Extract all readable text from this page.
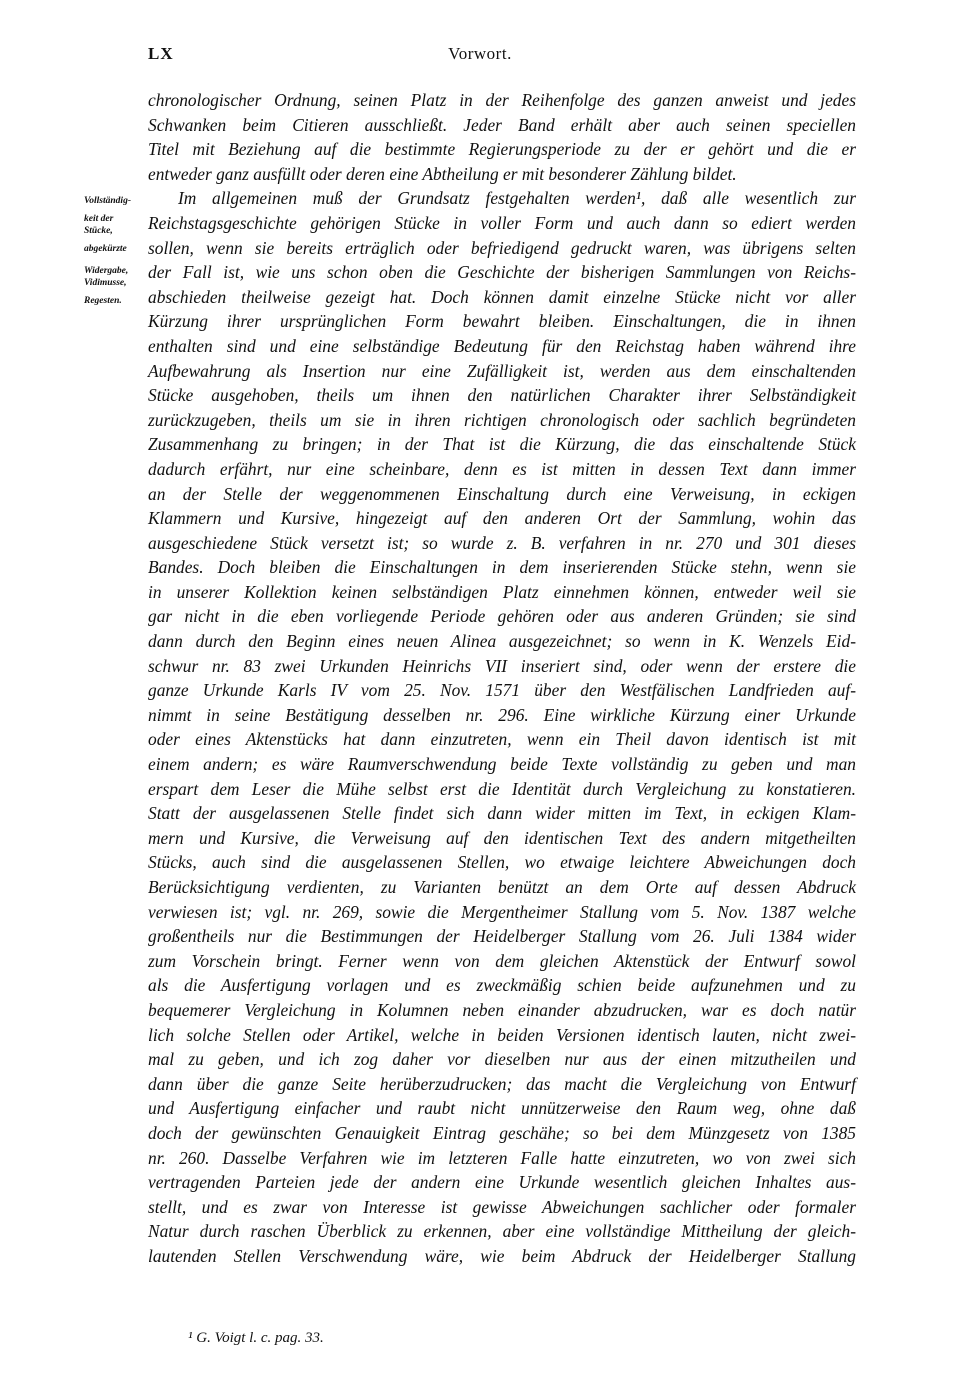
LX	Vorwort.
Vollständig-
keit der
Stücke,
abgekürzte
Widergabe,
Vidimusse,
Regesten.
chronologischer Ordnung, seinen Platz in der Reihenfolge des ganzen anweist und jedes
Schwanken beim Citieren ausschließt. Jeder Band erhält aber auch seinen speciellen
Titel mit Beziehung auf die bestimmte Regierungsperiode zu der er gehört und die er
entweder ganz ausfüllt oder deren eine Abtheilung er mit besonderer Zählung bildet.
Im allgemeinen muß der Grundsatz festgehalten werden¹, daß alle wesentlich zur
Reichstagsgeschichte gehörigen Stücke in voller Form und auch dann so ediert werden
sollen, wenn sie bereits erträglich oder befriedigend gedruckt waren, was übrigens selten
der Fall ist, wie uns schon oben die Geschichte der bisherigen Sammlungen von Reichs-
abschieden theilweise gezeigt hat. Doch können damit einzelne Stücke nicht vor aller
Kürzung ihrer ursprünglichen Form bewahrt bleiben. Einschaltungen, die in ihnen
enthalten sind und eine selbständige Bedeutung für den Reichstag haben während ihre
Aufbewahrung als Insertion nur eine Zufälligkeit ist, werden aus dem einschaltenden
Stücke ausgehoben, theils um ihnen den natürlichen Charakter ihrer Selbständigkeit
zurückzugeben, theils um sie in ihren richtigen chronologisch oder sachlich begründeten
Zusammenhang zu bringen; in der That ist die Kürzung, die das einschaltende Stück
dadurch erfährt, nur eine scheinbare, denn es ist mitten in dessen Text dann immer
an der Stelle der weggenommenen Einschaltung durch eine Verweisung, in eckigen
Klammern und Kursive, hingezeigt auf den anderen Ort der Sammlung, wohin das
ausgeschiedene Stück versetzt ist; so wurde z. B. verfahren in nr. 270 und 301 dieses
Bandes. Doch bleiben die Einschaltungen in dem inserierenden Stücke stehn, wenn sie
in unserer Kollektion keinen selbständigen Platz einnehmen können, entweder weil sie
gar nicht in die eben vorliegende Periode gehören oder aus anderen Gründen; sie sind
dann durch den Beginn eines neuen Alinea ausgezeichnet; so wenn in K. Wenzels Eid-
schwur nr. 83 zwei Urkunden Heinrichs VII inseriert sind, oder wenn der erstere die
ganze Urkunde Karls IV vom 25. Nov. 1571 über den Westfälischen Landfrieden auf-
nimmt in seine Bestätigung desselben nr. 296. Eine wirkliche Kürzung einer Urkunde
oder eines Aktenstücks hat dann einzutreten, wenn ein Theil davon identisch ist mit
einem andern; es wäre Raumverschwendung beide Texte vollständig zu geben und man
erspart dem Leser die Mühe selbst erst die Identität durch Vergleichung zu konstatieren.
Statt der ausgelassenen Stelle findet sich dann wider mitten im Text, in eckigen Klam-
mern und Kursive, die Verweisung auf den identischen Text des andern mitgetheilten
Stücks, auch sind die ausgelassenen Stellen, wo etwaige leichtere Abweichungen doch
Berücksichtigung verdienten, zu Varianten benützt an dem Orte auf dessen Abdruck
verwiesen ist; vgl. nr. 269, sowie die Mergentheimer Stallung vom 5. Nov. 1387 welche
großentheils nur die Bestimmungen der Heidelberger Stallung vom 26. Juli 1384 wider
zum Vorschein bringt. Ferner wenn von dem gleichen Aktenstück der Entwurf sowol
als die Ausfertigung vorlagen und es zweckmäßig schien beide aufzunehmen und zu
bequemerer Vergleichung in Kolumnen neben einander abzudrucken, war es doch natür
lich solche Stellen oder Artikel, welche in beiden Versionen identisch lauten, nicht zwei-
mal zu geben, und ich zog daher vor dieselben nur aus der einen mitzutheilen und
dann über die ganze Seite herüberzudrucken; das macht die Vergleichung von Entwurf
und Ausfertigung einfacher und raubt nicht unnützerweise den Raum weg, ohne daß
doch der gewünschten Genauigkeit Eintrag geschähe; so bei dem Münzgesetz von 1385
nr. 260. Dasselbe Verfahren wie im letzteren Falle hatte einzutreten, wo von zwei sich
vertragenden Parteien jede der andern eine Urkunde wesentlich gleichen Inhaltes aus-
stellt, und es zwar von Interesse ist gewisse Abweichungen sachlicher oder formaler
Natur durch raschen Überblick zu erkennen, aber eine vollständige Mittheilung der gleich-
lautenden Stellen Verschwendung wäre, wie beim Abdruck der Heidelberger Stallung
¹ G. Voigt l. c. pag. 33.
